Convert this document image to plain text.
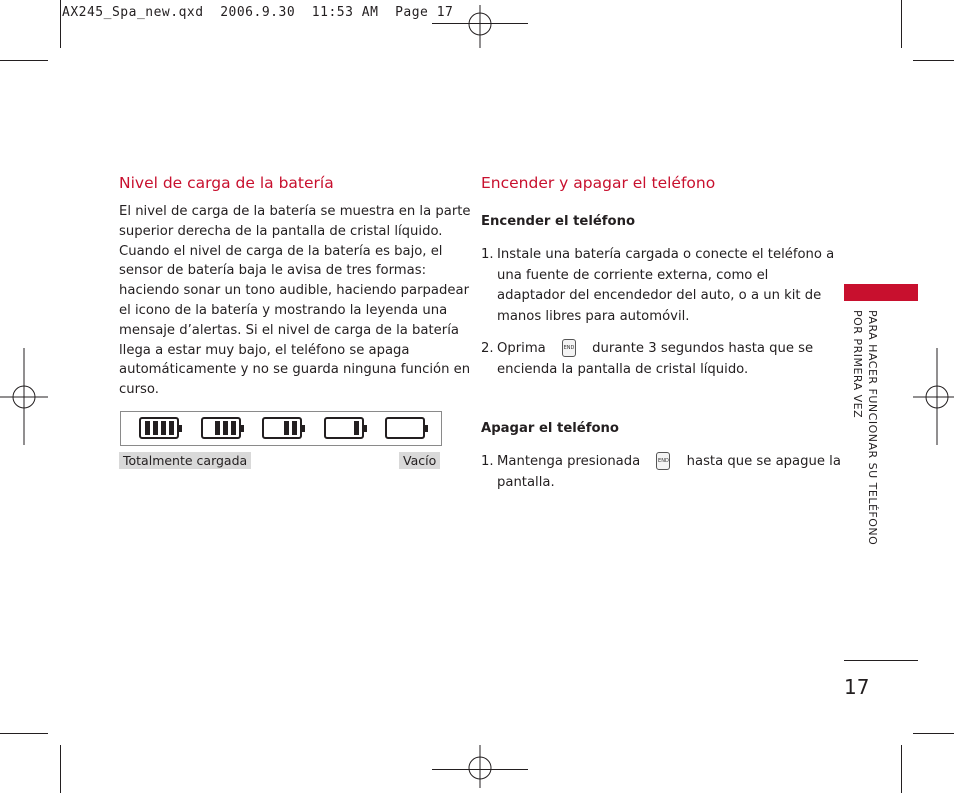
AX245_Spa_new.qxd  2006.9.30  11:53 AM  Page 17
Nivel de carga de la batería
El nivel de carga de la batería se muestra en la parte
superior derecha de la pantalla de cristal líquido.
Cuando el nivel de carga de la batería es bajo, el
sensor de batería baja le avisa de tres formas:
haciendo sonar un tono audible, haciendo parpadear
el icono de la batería y mostrando la leyenda una
mensaje d’alertas. Si el nivel de carga de la batería
llega a estar muy bajo, el teléfono se apaga
automáticamente y no se guarda ninguna función en
curso.
Totalmente cargada	Vacío
Encender y apagar el teléfono
Encender el teléfono
1. Instale una batería cargada o conecte el teléfono a
una fuente de corriente externa, como el
adaptador del encendedor del auto, o a un kit de
manos libres para automóvil.
2. Oprima	END durante 3 segundos hasta que se
encienda la pantalla de cristal líquido.
Apagar el teléfono
1. Mantenga presionada	END hasta que se apague la
pantalla.	PARA HACER FUNCIONAR SU TELÉFONO POR PRIMERA VEZ
17
